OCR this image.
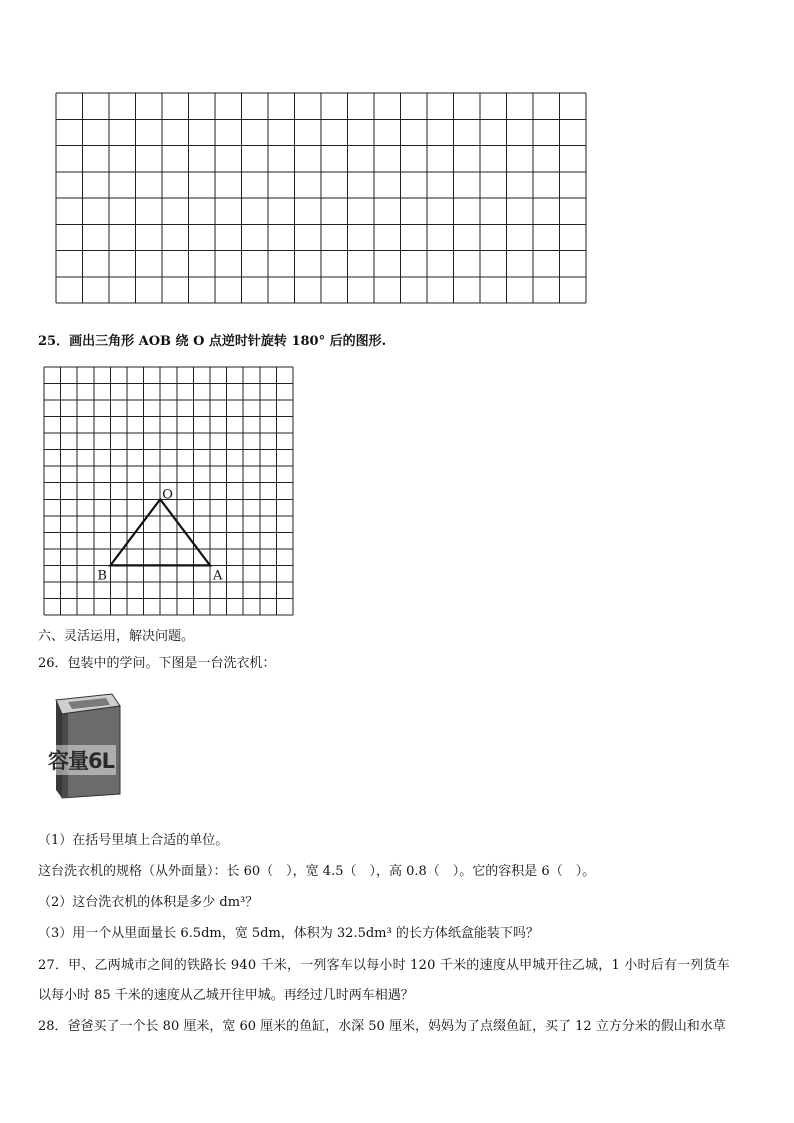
25．画出三角形 AOB 绕 O 点逆时针旋转 180° 后的图形.
O
B	A
六、灵活运用，解决问题。
26．包装中的学问。下图是一台洗衣机：
容量6L
（1）在括号里填上合适的单位。
这台洗衣机的规格（从外面量）：长 60（　），宽 4.5（　），高 0.8（　）。它的容积是 6（　）。
（2）这台洗衣机的体积是多少 dm³？
（3）用一个从里面量长 6.5dm，宽 5dm，体积为 32.5dm³ 的长方体纸盒能装下吗？
27．甲、乙两城市之间的铁路长 940 千米，一列客车以每小时 120 千米的速度从甲城开往乙城，1 小时后有一列货车
以每小时 85 千米的速度从乙城开往甲城。再经过几时两车相遇？
28．爸爸买了一个长 80 厘米，宽 60 厘米的鱼缸，水深 50 厘米，妈妈为了点缀鱼缸，买了 12 立方分米的假山和水草
